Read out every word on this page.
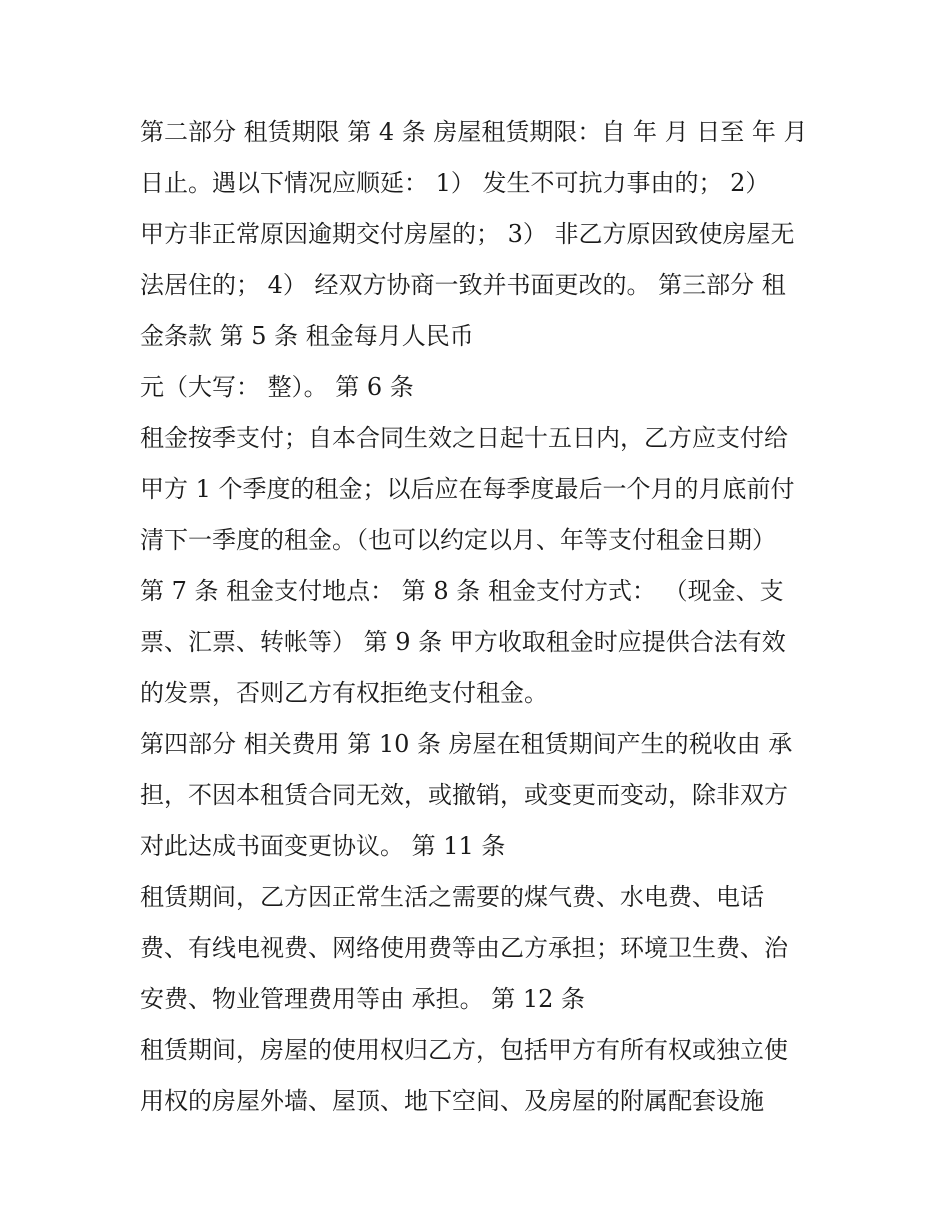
第二部分 租赁期限 第 4 条 房屋租赁期限：自 年 月 日至 年 月
日止。遇以下情况应顺延： 1） 发生不可抗力事由的； 2）
甲方非正常原因逾期交付房屋的； 3） 非乙方原因致使房屋无
法居住的； 4） 经双方协商一致并书面更改的。 第三部分 租
金条款 第 5 条 租金每月人民币
元（大写： 整）。 第 6 条
租金按季支付；自本合同生效之日起十五日内，乙方应支付给
甲方 1 个季度的租金；以后应在每季度最后一个月的月底前付
清下一季度的租金。（也可以约定以月、年等支付租金日期）
第 7 条 租金支付地点： 第 8 条 租金支付方式： （现金、支
票、汇票、转帐等） 第 9 条 甲方收取租金时应提供合法有效
的发票，否则乙方有权拒绝支付租金。
第四部分 相关费用 第 10 条 房屋在租赁期间产生的税收由 承
担，不因本租赁合同无效，或撤销，或变更而变动，除非双方
对此达成书面变更协议。 第 11 条
租赁期间，乙方因正常生活之需要的煤气费、水电费、电话
费、有线电视费、网络使用费等由乙方承担；环境卫生费、治
安费、物业管理费用等由 承担。 第 12 条
租赁期间，房屋的使用权归乙方，包括甲方有所有权或独立使
用权的房屋外墙、屋顶、地下空间、及房屋的附属配套设施
